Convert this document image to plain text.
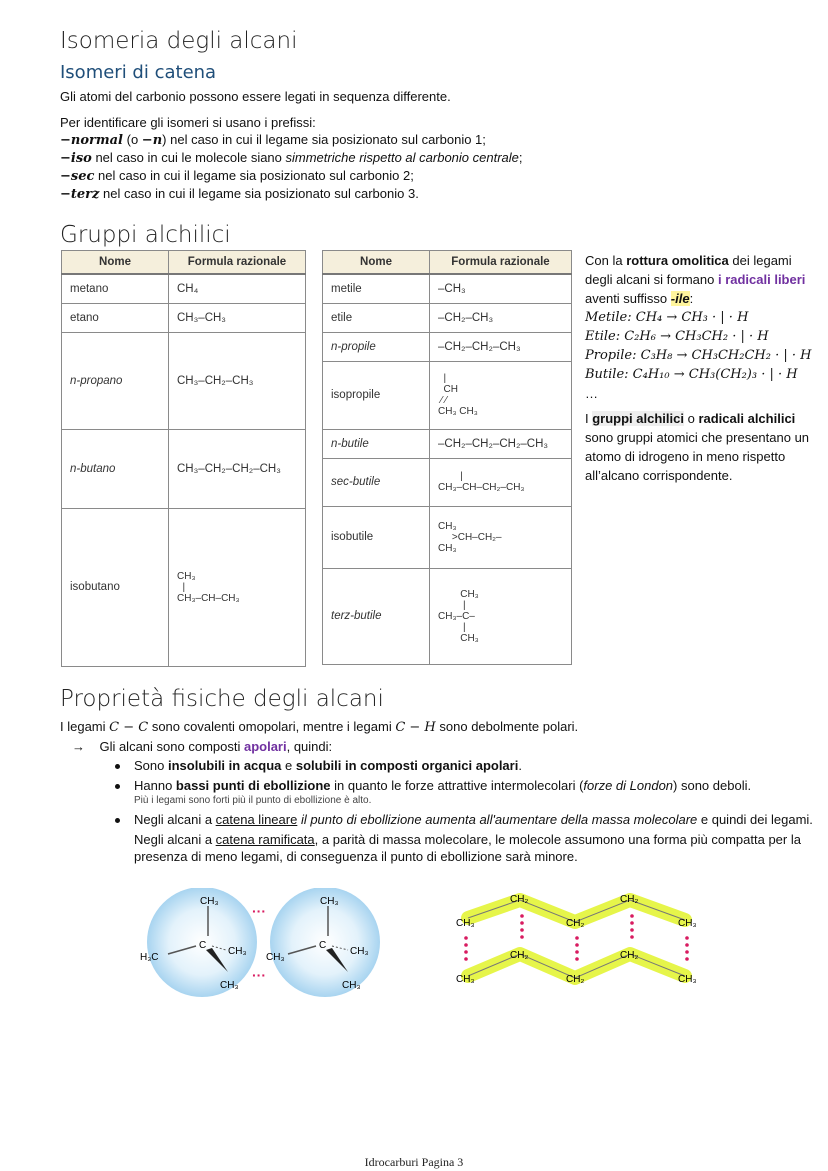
Isomeria degli alcani
Isomeri di catena
Gli atomi del carbonio possono essere legati in sequenza differente.
Per identificare gli isomeri si usano i prefissi:
−normal (o −n) nel caso in cui il legame sia posizionato sul carbonio 1;
−iso nel caso in cui le molecole siano simmetriche rispetto al carbonio centrale;
−sec nel caso in cui il legame sia posizionato sul carbonio 2;
−terz nel caso in cui il legame sia posizionato sul carbonio 3.
Gruppi alchilici
Nome	Formula razionale
metano	CH₄
etano	CH₃–CH₃
n-propano	CH₃–CH₂–CH₃
n-butano	CH₃–CH₂–CH₂–CH₃
isobutano	CH₃
|
CH₃–CH–CH₃
Nome	Formula razionale
metile	–CH₃
etile	–CH₂–CH₃
n-propile	–CH₂–CH₂–CH₃
isopropile	|
CH
⁄ ⁄
CH₃ CH₃
n-butile	–CH₂–CH₂–CH₂–CH₃
sec-butile	|
CH₃–CH–CH₂–CH₃
isobutile	CH₃
>CH–CH₂–
CH₃
terz-butile	CH₃
|
CH₃–C–
|
CH₃
Con la rottura omolitica dei legami degli alcani si formano i radicali liberi aventi suffisso -ile:
Metile: CH₄ → CH₃ · | · H
Etile: C₂H₆ → CH₃CH₂ · | · H
Propile: C₃H₈ → CH₃CH₂CH₂ · | · H
Butile: C₄H₁₀ → CH₃(CH₂)₃ · | · H
…
I gruppi alchilici o radicali alchilici sono gruppi atomici che presentano un atomo di idrogeno in meno rispetto all’alcano corrispondente.
Proprietà fisiche degli alcani
I legami C − C sono covalenti omopolari, mentre i legami C − H sono debolmente polari.
→ Gli alcani sono composti apolari, quindi:
Sono insolubili in acqua e solubili in composti organici apolari.
Hanno bassi punti di ebollizione in quanto le forze attrattive intermolecolari (forze di London) sono deboli.
Più i legami sono forti più il punto di ebollizione è alto.
Negli alcani a catena lineare il punto di ebollizione aumenta all'aumentare della massa molecolare e quindi dei legami.
Negli alcani a catena ramificata, a parità di massa molecolare, le molecole assumono una forma più compatta per la presenza di meno legami, di conseguenza il punto di ebollizione sarà minore.
CH₃
H₃C
C
CH₃
CH₃
CH₃
CH₃
C
CH₃
CH₃
···
···
CH₃
CH₂
CH₂
CH₂
CH₃
CH₃
CH₂
CH₂
CH₂
CH₃
Idrocarburi Pagina 3
